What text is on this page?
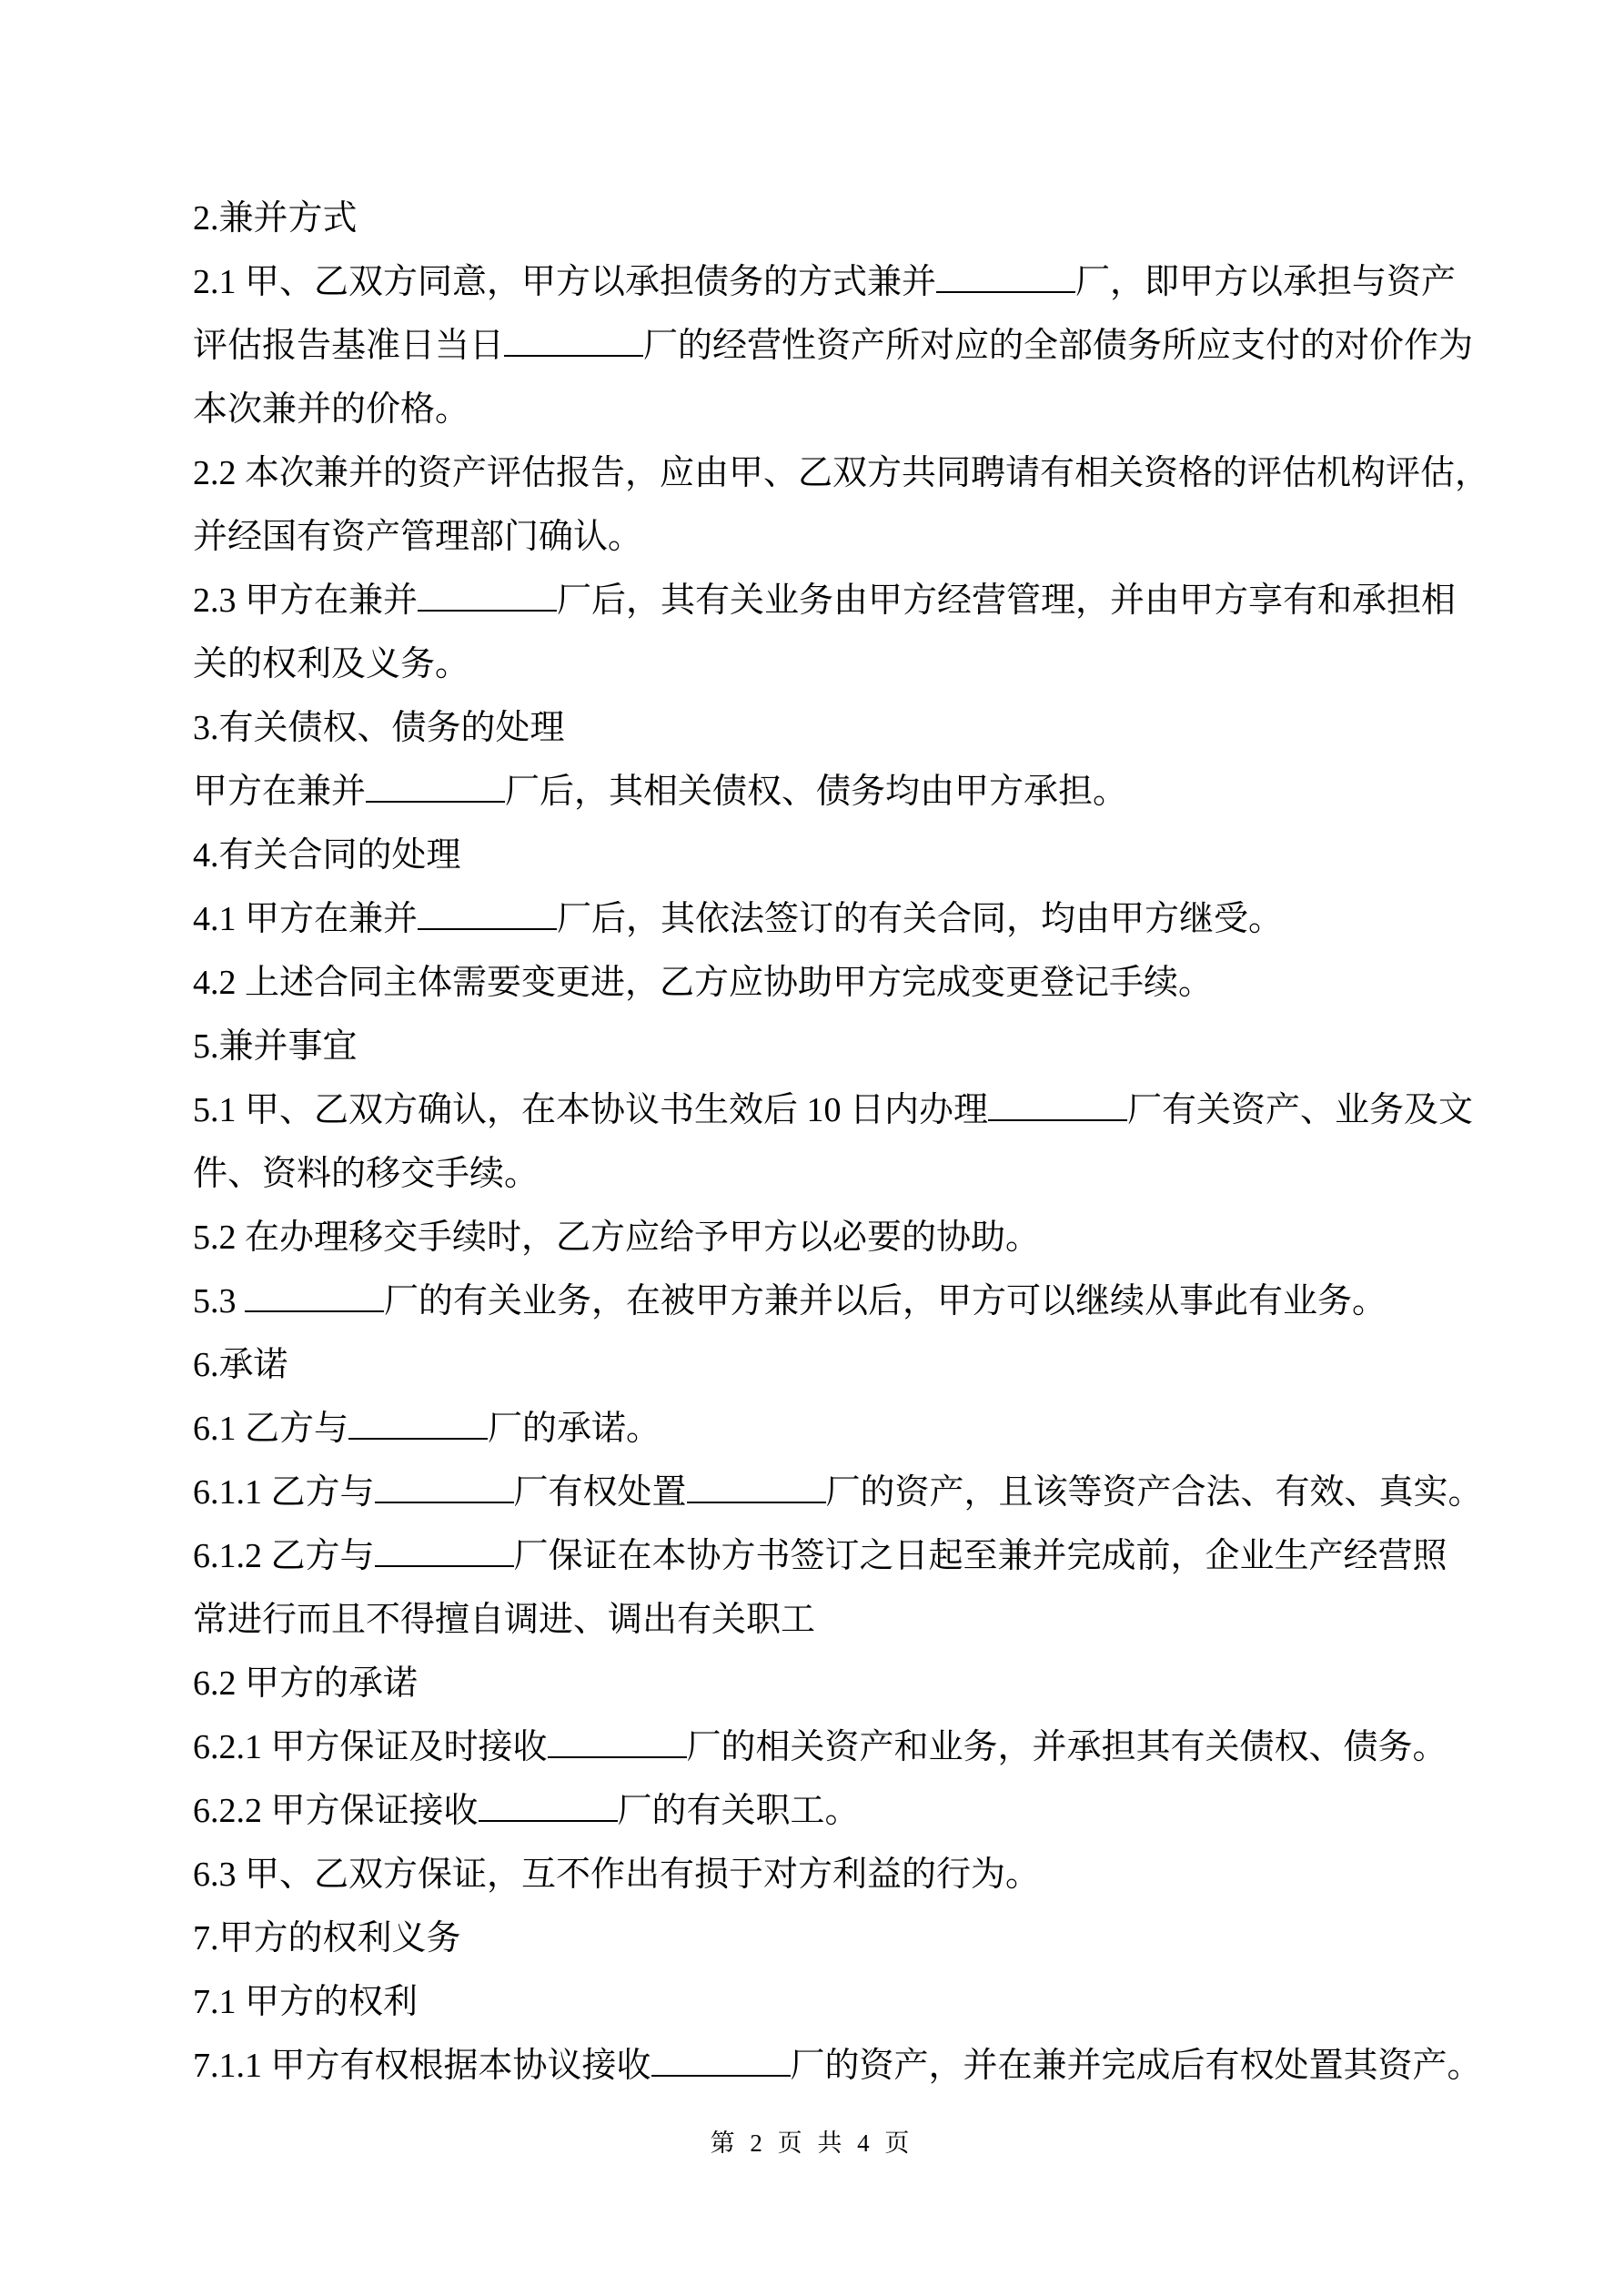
2.兼并方式
2.1 甲、乙双方同意，甲方以承担债务的方式兼并	厂，即甲方以承担与资产
评估报告基准日当日	厂的经营性资产所对应的全部债务所应支付的对价作为
本次兼并的价格。
2.2 本次兼并的资产评估报告，应由甲、乙双方共同聘请有相关资格的评估机构评估，
并经国有资产管理部门确认。
2.3 甲方在兼并	厂后，其有关业务由甲方经营管理，并由甲方享有和承担相
关的权利及义务。
3.有关债权、债务的处理
甲方在兼并	厂后，其相关债权、债务均由甲方承担。
4.有关合同的处理
4.1 甲方在兼并	厂后，其依法签订的有关合同，均由甲方继受。
4.2 上述合同主体需要变更进，乙方应协助甲方完成变更登记手续。
5.兼并事宜
5.1 甲、乙双方确认，在本协议书生效后 10 日内办理	厂有关资产、业务及文
件、资料的移交手续。
5.2 在办理移交手续时，乙方应给予甲方以必要的协助。
5.3	厂的有关业务，在被甲方兼并以后，甲方可以继续从事此有业务。
6.承诺
6.1 乙方与	厂的承诺。
6.1.1 乙方与	厂有权处置	厂的资产，且该等资产合法、有效、真实。
6.1.2 乙方与	厂保证在本协方书签订之日起至兼并完成前，企业生产经营照
常进行而且不得擅自调进、调出有关职工
6.2 甲方的承诺
6.2.1 甲方保证及时接收	厂的相关资产和业务，并承担其有关债权、债务。
6.2.2 甲方保证接收	厂的有关职工。
6.3 甲、乙双方保证，互不作出有损于对方利益的行为。
7.甲方的权利义务
7.1 甲方的权利
7.1.1 甲方有权根据本协议接收	厂的资产，并在兼并完成后有权处置其资产。
第 2 页 共 4 页
